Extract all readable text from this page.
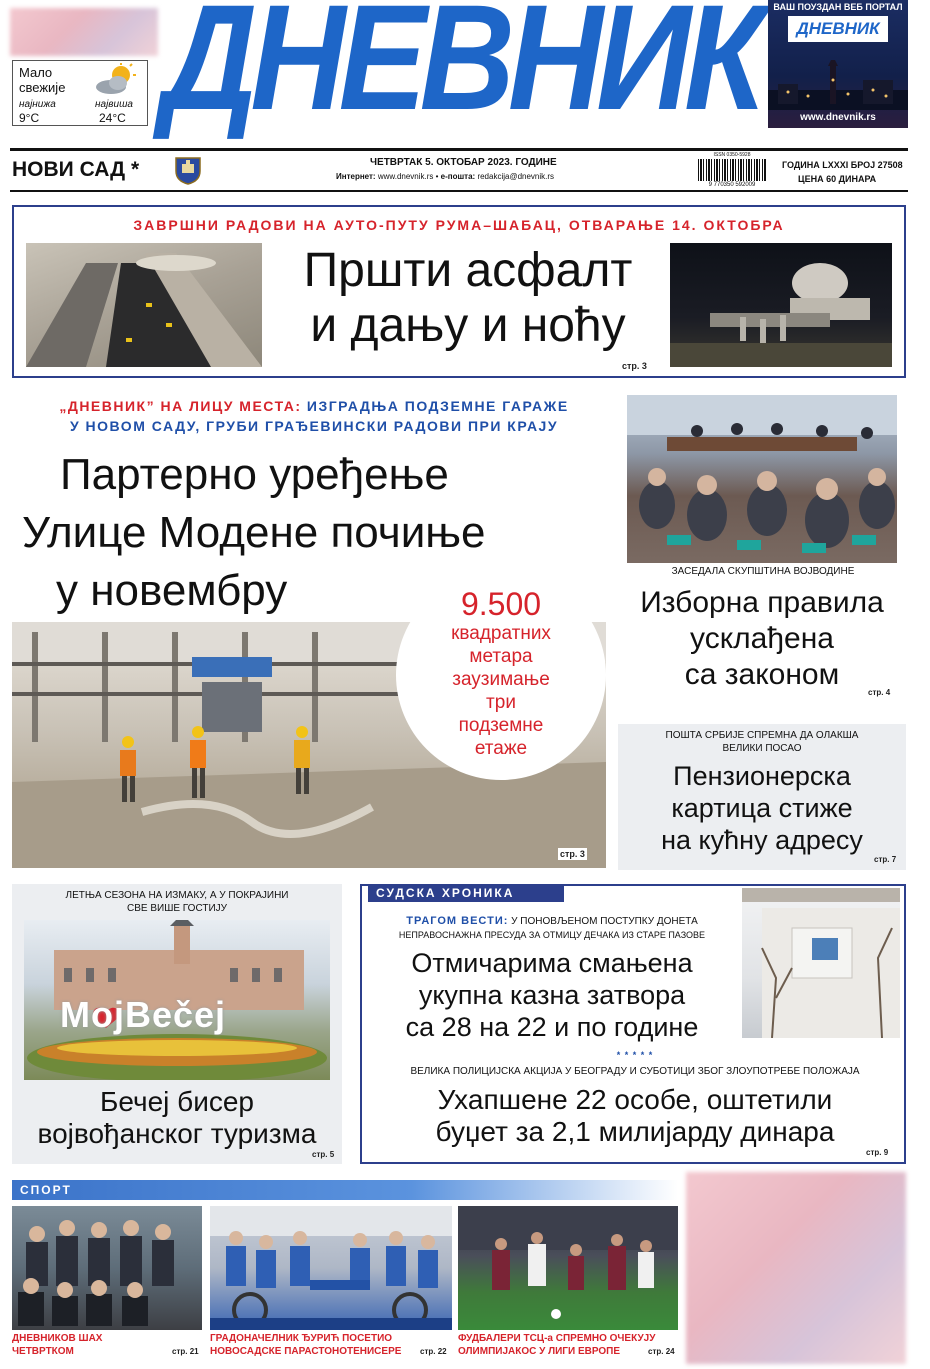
Мало свежије
најнижа	највиша
9°C	24°C ДНЕВНИК	ВАШ ПОУЗДАН ВЕБ ПОРТАЛ
ДНЕВНИК
www.dnevnik.rs
НОВИ САД *	ЧЕТВРТАК 5. ОКТОБАР 2023. ГОДИНЕ
Интернет: www.dnevnik.rs • e-пошта: redakcija@dnevnik.rs
ISSN 0350-5928
9 770350 592009
ГОДИНА LXXXI БРОЈ 27508
ЦЕНА 60 ДИНАРА
ЗАВРШНИ РАДОВИ НА АУТО-ПУТУ РУМА–ШАБАЦ, ОТВАРАЊЕ 14. ОКТОБРА
Пршти асфалт
и дању и ноћу
стр. 3
„ДНЕВНИК” НА ЛИЦУ МЕСТА: ИЗГРАДЊА ПОДЗЕМНЕ ГАРАЖЕ
У НОВОМ САДУ, ГРУБИ ГРАЂЕВИНСКИ РАДОВИ ПРИ КРАЈУ
Партерно уређење
Улице Модене почиње
у новембру
стр. 3
9.500
квадратних
метара
заузимање
три
подземне
етаже
ЗАСЕДАЛА СКУПШТИНА ВОЈВОДИНЕ
Изборна правила
усклађена
са законом
стр. 4
ПОШТА СРБИЈЕ СПРЕМНА ДА ОЛАКША
ВЕЛИКИ ПОСАО
Пензионерска
картица стиже
на кућну адресу
стр. 7
ЛЕТЊА СЕЗОНА НА ИЗМАКУ, А У ПОКРАЈИНИ
СВЕ ВИШЕ ГОСТИЈУ
MojBečej
Бечеј бисер
војвођанског туризма
стр. 5
СУДСКА ХРОНИКА
ТРАГОМ ВЕСТИ: У ПОНОВЉЕНОМ ПОСТУПКУ ДОНЕТА
НЕПРАВОСНАЖНА ПРЕСУДА ЗА ОТМИЦУ ДЕЧАКА ИЗ СТАРЕ ПАЗОВЕ
Отмичарима смањена
укупна казна затвора
са 28 на 22 и по године
* * * * *
ВЕЛИКА ПОЛИЦИЈСКА АКЦИЈА У БЕОГРАДУ И СУБОТИЦИ ЗБОГ ЗЛОУПОТРЕБЕ ПОЛОЖАЈА
Ухапшене 22 особе, оштетили
буџет за 2,1 милијарду динара
стр. 9
СПОРТ
ДНЕВНИКОВ ШАХ
ЧЕТВРТКОМ	стр. 21
ГРАДОНАЧЕЛНИК ЂУРИЋ ПОСЕТИО
НОВОСАДСКЕ ПАРАСТОНОТЕНИСЕРЕ стр. 22
ФУДБАЛЕРИ ТСЦ-а СПРЕМНО ОЧЕКУЈУ
ОЛИМПИЈАКОС У ЛИГИ ЕВРОПЕ	стр. 24
